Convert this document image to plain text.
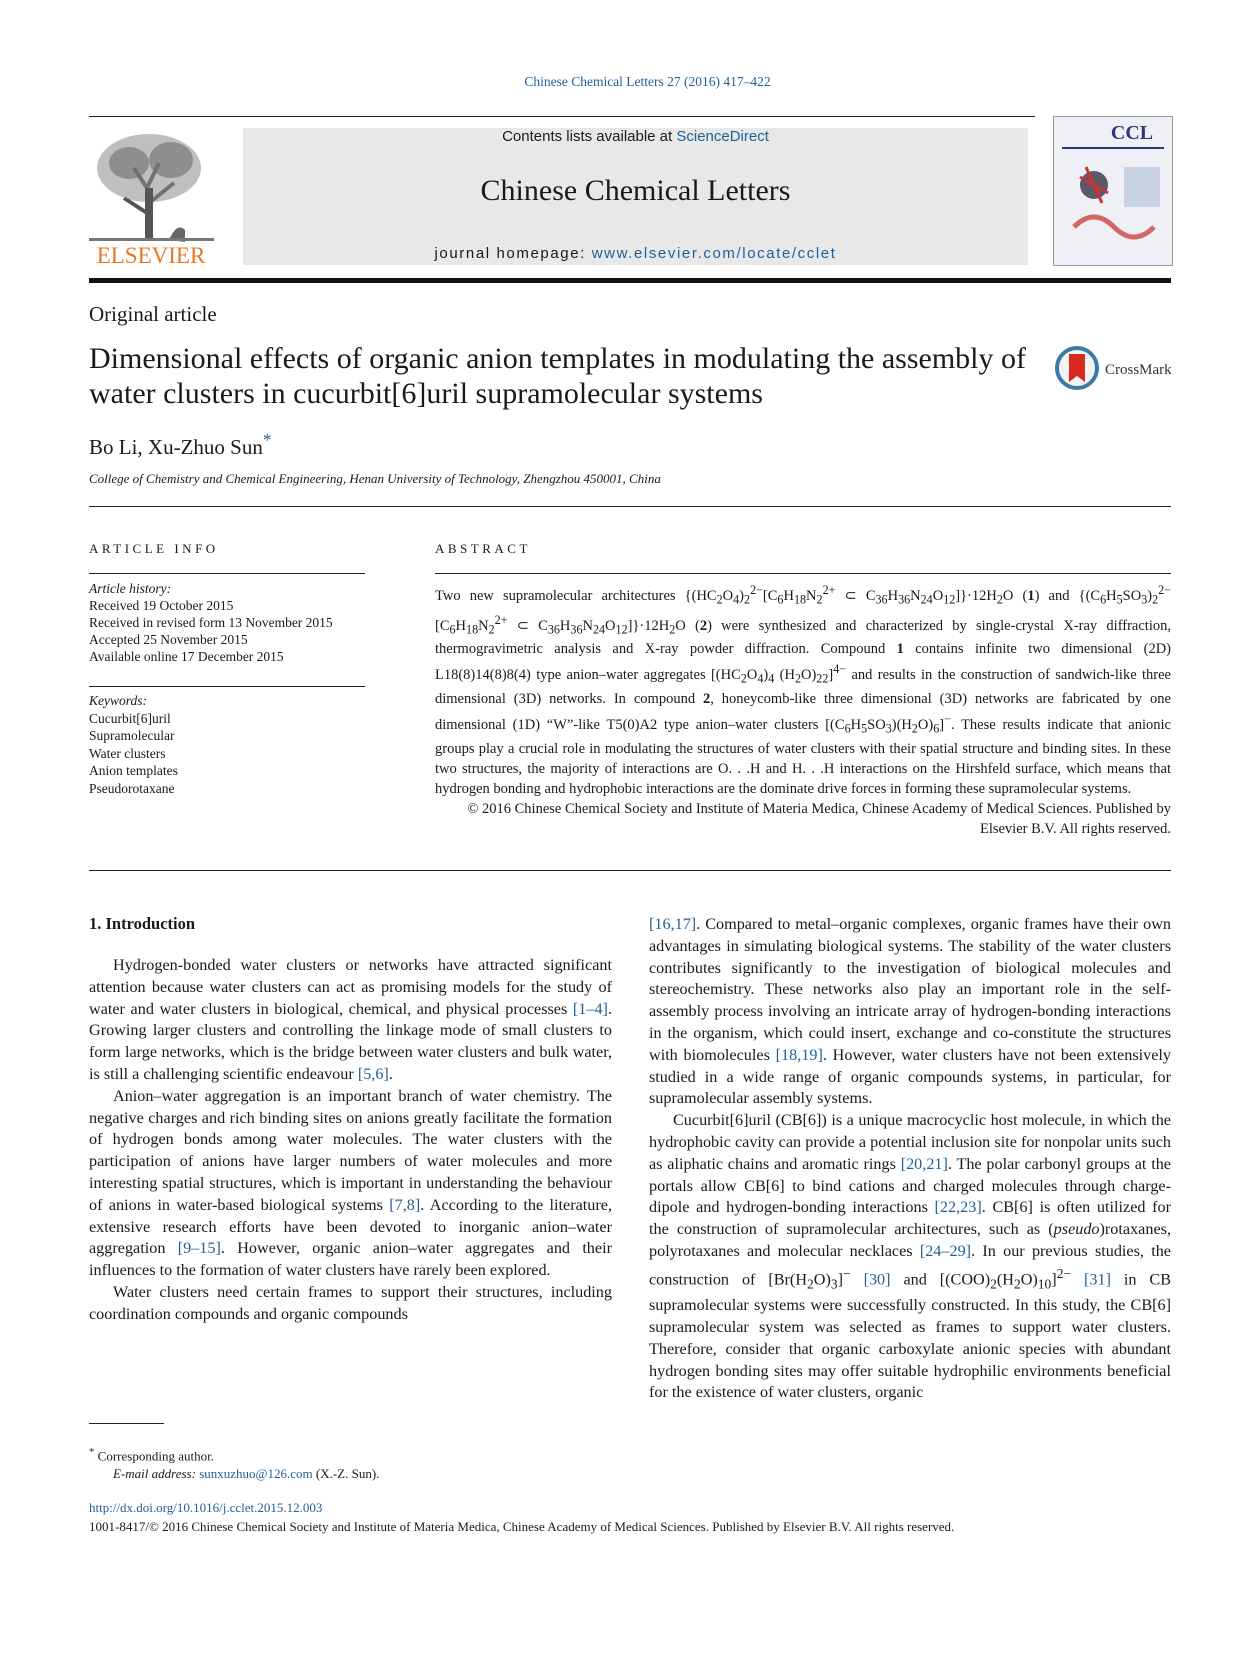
Chinese Chemical Letters 27 (2016) 417–422
ELSEVIER
Contents lists available at ScienceDirect
Chinese Chemical Letters
journal homepage: www.elsevier.com/locate/cclet
CCL
Original article
Dimensional effects of organic anion templates in modulating the assembly of water clusters in cucurbit[6]uril supramolecular systems
CrossMark
Bo Li, Xu-Zhuo Sun*
College of Chemistry and Chemical Engineering, Henan University of Technology, Zhengzhou 450001, China
ARTICLE INFO
Article history:
Received 19 October 2015
Received in revised form 13 November 2015
Accepted 25 November 2015
Available online 17 December 2015
Keywords:
Cucurbit[6]uril
Supramolecular
Water clusters
Anion templates
Pseudorotaxane
ABSTRACT
Two new supramolecular architectures {$(HC_2O_4)_2^{2-}[C_6H_{18}N_2^{2+}$ ⊂ $C_{36}H_{36}N_{24}O_{12}]\}\cdot 12H_2O$ (1) and {$(C_6H_5SO_3)_2^{2-}[C_6H_{18}N_2^{2+}$ ⊂ $C_{36}H_{36}N_{24}O_{12}]\}\cdot 12H_2O$ (2) were synthesized and characterized by single-crystal X-ray diffraction, thermogravimetric analysis and X-ray powder diffraction. Compound 1 contains infinite two dimensional (2D) L18(8)14(8)8(4) type anion–water aggregates [$(HC_2O_4)_4$ $(H_2O)_{22}]^{4-}$ and results in the construction of sandwich-like three dimensional (3D) networks. In compound 2, honeycomb-like three dimensional (3D) networks are fabricated by one dimensional (1D) “W”-like T5(0)A2 type anion–water clusters $[(C_6H_5SO_3)(H_2O)_6]^-$. These results indicate that anionic groups play a crucial role in modulating the structures of water clusters with their spatial structure and binding sites. In these two structures, the majority of interactions are O. . .H and H. . .H interactions on the Hirshfeld surface, which means that hydrogen bonding and hydrophobic interactions are the dominate drive forces in forming these supramolecular systems.
© 2016 Chinese Chemical Society and Institute of Materia Medica, Chinese Academy of Medical Sciences. Published by Elsevier B.V. All rights reserved.
1. Introduction

Hydrogen-bonded water clusters or networks have attracted significant attention because water clusters can act as promising models for the study of water and water clusters in biological, chemical, and physical processes [1–4]. Growing larger clusters and controlling the linkage mode of small clusters to form large networks, which is the bridge between water clusters and bulk water, is still a challenging scientific endeavour [5,6].

Anion–water aggregation is an important branch of water chemistry. The negative charges and rich binding sites on anions greatly facilitate the formation of hydrogen bonds among water molecules. The water clusters with the participation of anions have larger numbers of water molecules and more interesting spatial structures, which is important in understanding the behaviour of anions in water-based biological systems [7,8]. According to the literature, extensive research efforts have been devoted to inorganic anion–water aggregation [9–15]. However, organic anion–water aggregates and their influences to the formation of water clusters have rarely been explored.

Water clusters need certain frames to support their structures, including coordination compounds and organic compounds

[16,17]. Compared to metal–organic complexes, organic frames have their own advantages in simulating biological systems. The stability of the water clusters contributes significantly to the investigation of biological molecules and stereochemistry. These networks also play an important role in the self-assembly process involving an intricate array of hydrogen-bonding interactions in the organism, which could insert, exchange and co-constitute the structures with biomolecules [18,19]. However, water clusters have not been extensively studied in a wide range of organic compounds systems, in particular, for supramolecular assembly systems.

Cucurbit[6]uril (CB[6]) is a unique macrocyclic host molecule, in which the hydrophobic cavity can provide a potential inclusion site for nonpolar units such as aliphatic chains and aromatic rings [20,21]. The polar carbonyl groups at the portals allow CB[6] to bind cations and charged molecules through charge-dipole and hydrogen-bonding interactions [22,23]. CB[6] is often utilized for the construction of supramolecular architectures, such as (pseudo)rotaxanes, polyrotaxanes and molecular necklaces [24–29]. In our previous studies, the construction of $[Br(H_2O)_3]^-$ [30] and $[(COO)_2(H_2O)_{10}]^{2-}$ [31] in CB supramolecular systems were successfully constructed. In this study, the CB[6] supramolecular system was selected as frames to support water clusters. Therefore, consider that organic carboxylate anionic species with abundant hydrogen bonding sites may offer suitable hydrophilic environments beneficial for the existence of water clusters, organic

* Corresponding author.
E-mail address: sunxuzhuo@126.com (X.-Z. Sun).
http://dx.doi.org/10.1016/j.cclet.2015.12.003
1001-8417/© 2016 Chinese Chemical Society and Institute of Materia Medica, Chinese Academy of Medical Sciences. Published by Elsevier B.V. All rights reserved.
